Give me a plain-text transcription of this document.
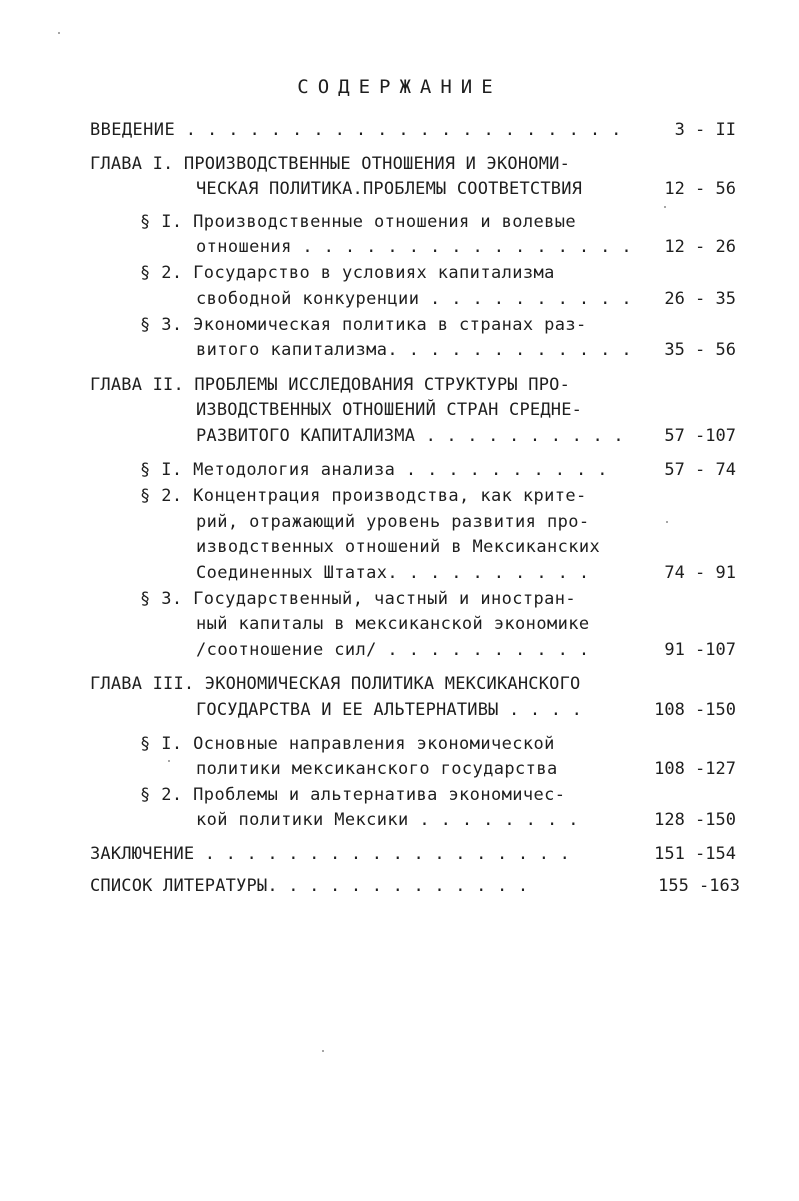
СОДЕРЖАНИЕ
ВВЕДЕНИЕ . . . . . . . . . . . . . . . . . . . . .	3 - II
ГЛАВА I. ПРОИЗВОДСТВЕННЫЕ ОТНОШЕНИЯ И ЭКОНОМИ-
ЧЕСКАЯ ПОЛИТИКА.ПРОБЛЕМЫ СООТВЕТСТВИЯ	12 - 56
§ I. Производственные отношения и волевые
отношения . . . . . . . . . . . . . . . .	12 - 26
§ 2. Государство в условиях капитализма
свободной конкуренции . . . . . . . . . .	26 - 35
§ 3. Экономическая политика в странах раз-
витого капитализма. . . . . . . . . . . .	35 - 56
ГЛАВА II. ПРОБЛЕМЫ ИССЛЕДОВАНИЯ СТРУКТУРЫ ПРО-
ИЗВОДСТВЕННЫХ ОТНОШЕНИЙ СТРАН СРЕДНЕ-
РАЗВИТОГО КАПИТАЛИЗМА . . . . . . . . . .	57 -107
§ I. Методология анализа . . . . . . . . . .	57 - 74
§ 2. Концентрация производства, как крите-
рий, отражающий уровень развития про-
изводственных отношений в Мексиканских
Соединенных Штатах. . . . . . . . . .	74 - 91
§ 3. Государственный, частный и иностран-
ный капиталы в мексиканской экономике
/соотношение сил/ . . . . . . . . . .	91 -107
ГЛАВА III. ЭКОНОМИЧЕСКАЯ ПОЛИТИКА МЕКСИКАНСКОГО
ГОСУДАРСТВА И ЕЕ АЛЬТЕРНАТИВЫ . . . .	108 -150
§ I. Основные направления экономической
политики мексиканского государства	108 -127
§ 2. Проблемы и альтернатива экономичес-
кой политики Мексики . . . . . . . .	128 -150
ЗАКЛЮЧЕНИЕ . . . . . . . . . . . . . . . . . .	151 -154
СПИСОК ЛИТЕРАТУРЫ. . . . . . . . . . . . .	155 -163
